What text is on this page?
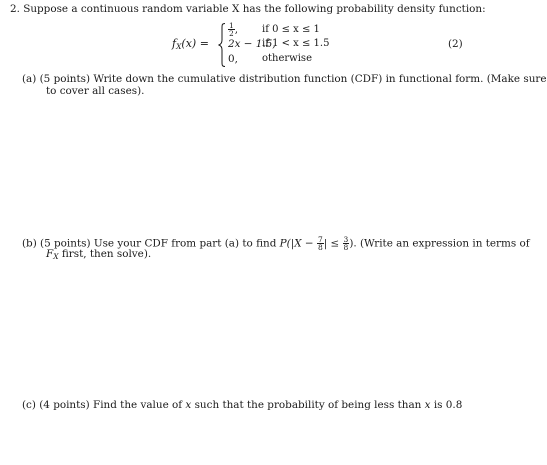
2. Suppose a continuous random variable X has the following probability density function:
$f_X(x)$ =
$\frac{1}{2}$ , if 0 ≤ x ≤ 1
2x − 1.5,
if 1 < x ≤ 1.5
0, otherwise
(2)
(a) (5 points) Write down the cumulative distribution function (CDF) in functional form. (Make sure
to cover all cases).
(b) (5 points) Use your CDF from part (a) to find $P(|X - \frac{7}{8}$ | ≤ $\frac{3}{8}$ ). (Write an expression in terms of
$F_X$ first, then solve).
(c) (4 points) Find the value of x such that the probability of being less than x is 0.8
